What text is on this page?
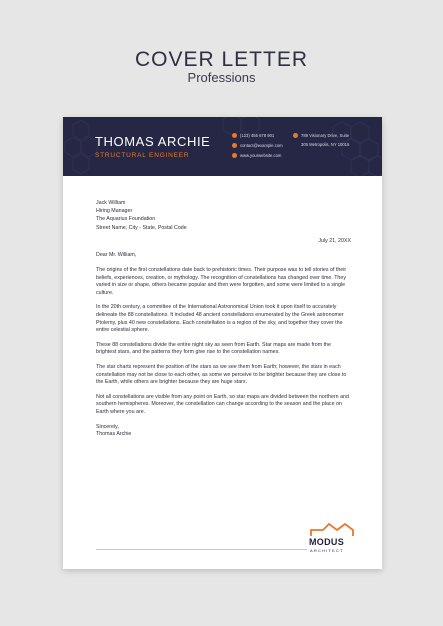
COVER LETTER
Professions
THOMAS ARCHIE
STRUCTURAL ENGINEER
(123) 456 678 901
contact@example.com
www.yourwebsite.com
789 Visionary Drive, Suite
305 Metropolis, NY 10016
Jack William
Hiring Manager
The Aquarius Foundation
Street Name, City - State, Postal Code
July 21, 20XX

Dear Mr. William,

The origins of the first constellations date back to prehistoric times. Their purpose was to tell stories of their beliefs, experiences, creation, or mythology. The recognition of constellations has changed over time. They varied in size or shape, others became popular and then were forgotten, and some were limited to a single culture.

In the 20th century, a committee of the International Astronomical Union took it upon itself to accurately delineate the 88 constellations. It included 48 ancient constellations enumerated by the Greek astronomer Ptolemy, plus 40 new constellations. Each constellation is a region of the sky, and together they cover the entire celestial sphere.

These 88 constellations divide the entire night sky as seen from Earth. Star maps are made from the brightest stars, and the patterns they form give rise to the constellation names.

The star charts represent the position of the stars as we see them from Earth; however, the stars in each constellation may not be close to each other, as some we perceive to be brighter because they are close to the Earth, while others are brighter because they are huge stars.

Not all constellations are visible from any point on Earth, so star maps are divided between the northern and southern hemispheres. Moreover, the constellation can change according to the season and the place on Earth where you are.

Sincerely,
Thomas Archie
MODUS
ARCHITECT
